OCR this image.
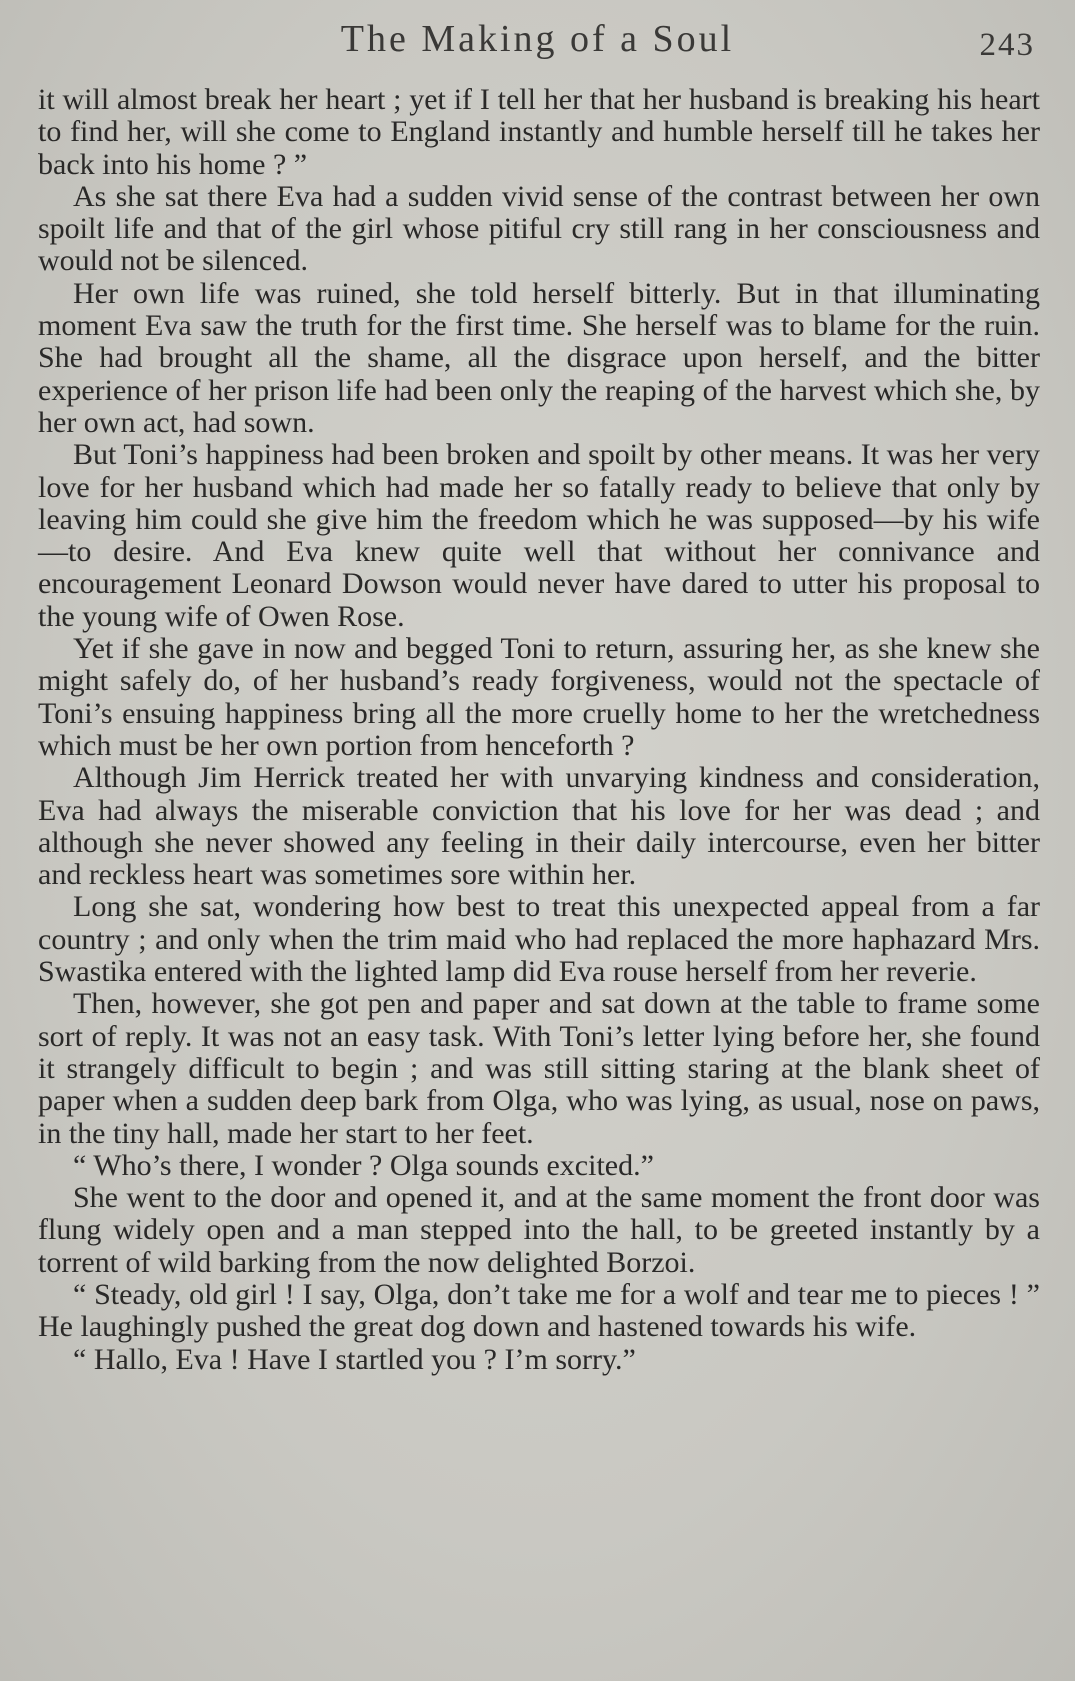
The Making of a Soul	243

it will almost break her heart ; yet if I tell her that her husband is breaking his heart to find her, will she come to England instantly and humble herself till he takes her back into his home ? ”

As she sat there Eva had a sudden vivid sense of the contrast between her own spoilt life and that of the girl whose pitiful cry still rang in her consciousness and would not be silenced.

Her own life was ruined, she told herself bitterly. But in that illuminating moment Eva saw the truth for the first time. She herself was to blame for the ruin. She had brought all the shame, all the disgrace upon herself, and the bitter experience of her prison life had been only the reaping of the harvest which she, by her own act, had sown.

But Toni’s happiness had been broken and spoilt by other means. It was her very love for her husband which had made her so fatally ready to believe that only by leaving him could she give him the freedom which he was supposed—by his wife—to desire. And Eva knew quite well that without her connivance and encouragement Leonard Dowson would never have dared to utter his proposal to the young wife of Owen Rose.

Yet if she gave in now and begged Toni to return, assuring her, as she knew she might safely do, of her husband’s ready forgiveness, would not the spectacle of Toni’s ensuing happiness bring all the more cruelly home to her the wretchedness which must be her own portion from henceforth ?

Although Jim Herrick treated her with unvarying kindness and consideration, Eva had always the miserable conviction that his love for her was dead ; and although she never showed any feeling in their daily intercourse, even her bitter and reckless heart was sometimes sore within her.

Long she sat, wondering how best to treat this unexpected appeal from a far country ; and only when the trim maid who had replaced the more haphazard Mrs. Swastika entered with the lighted lamp did Eva rouse herself from her reverie.

Then, however, she got pen and paper and sat down at the table to frame some sort of reply. It was not an easy task. With Toni’s letter lying before her, she found it strangely difficult to begin ; and was still sitting staring at the blank sheet of paper when a sudden deep bark from Olga, who was lying, as usual, nose on paws, in the tiny hall, made her start to her feet.

“ Who’s there, I wonder ? Olga sounds excited.”

She went to the door and opened it, and at the same moment the front door was flung widely open and a man stepped into the hall, to be greeted instantly by a torrent of wild barking from the now delighted Borzoi.

“ Steady, old girl ! I say, Olga, don’t take me for a wolf and tear me to pieces ! ” He laughingly pushed the great dog down and hastened towards his wife.

“ Hallo, Eva ! Have I startled you ? I’m sorry.”
